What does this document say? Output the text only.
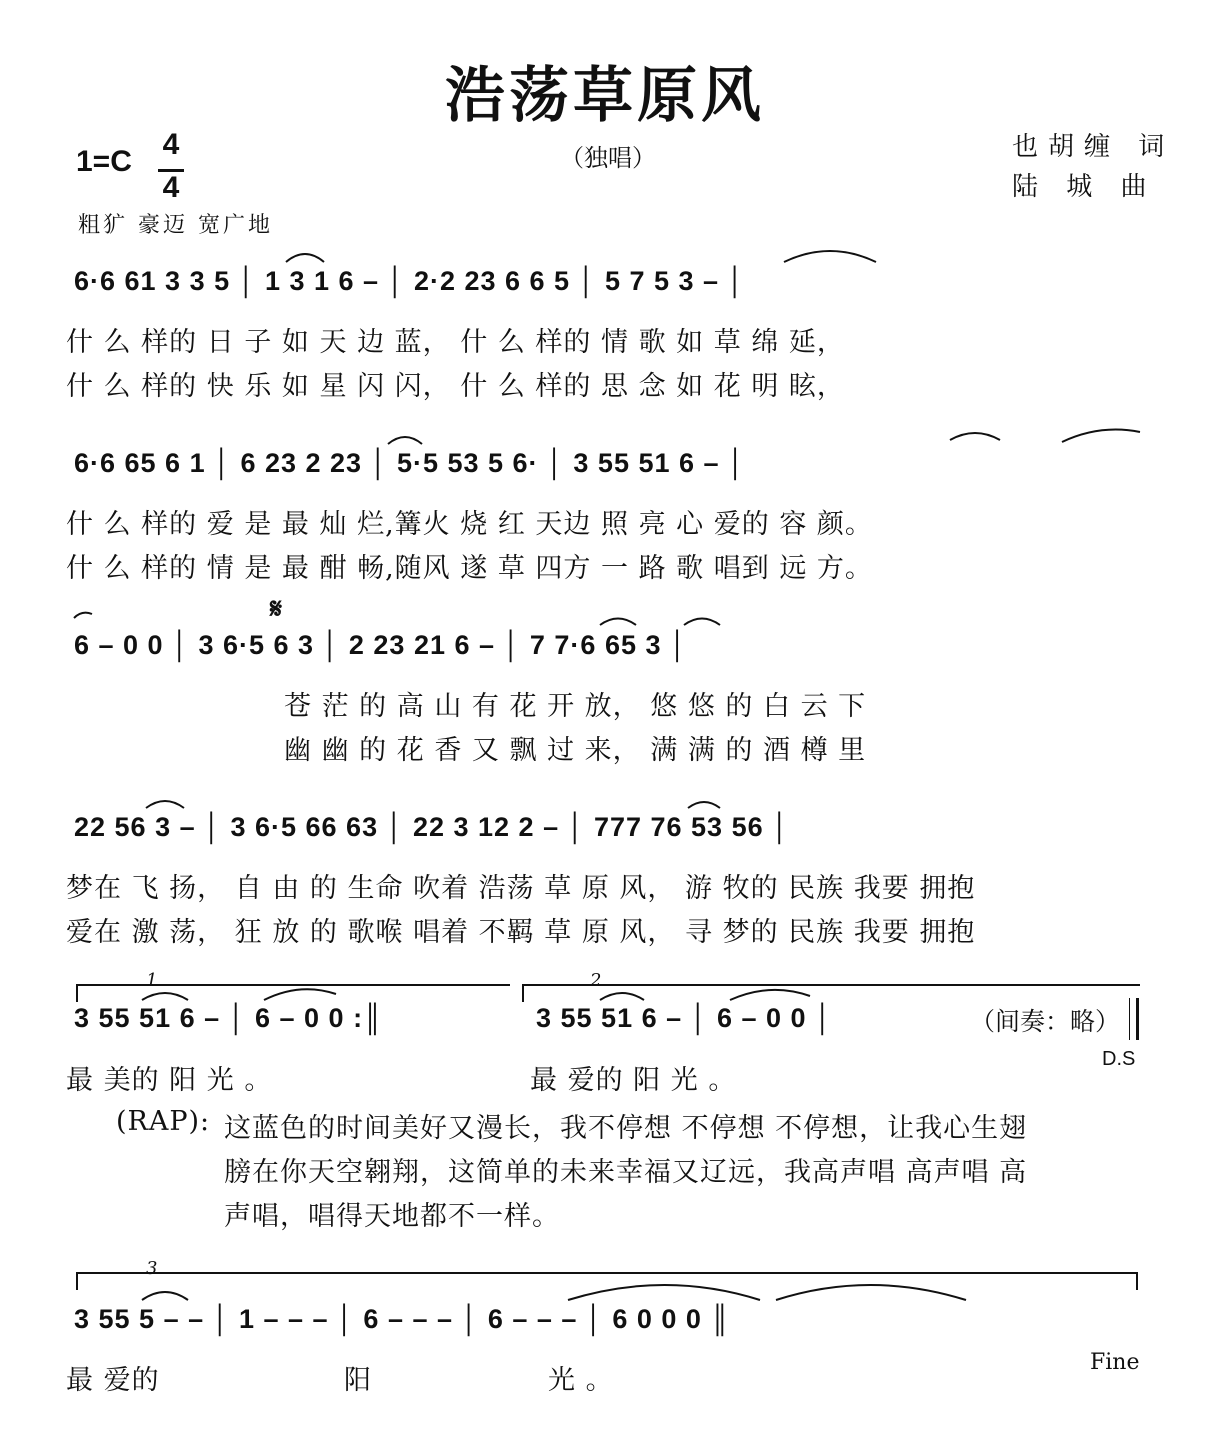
浩荡草原风
（独唱）	也胡缠 词
陆 城 曲
1=C
4
4
粗犷 豪迈 宽广地
6·6 61 3 3 5 │ 1 3 1 6 – │ 2·2 23 6 6 5 │ 5 7 5 3 – │
什 么 样的 日 子 如 天 边 蓝， 什 么 样的 情 歌 如 草 绵 延，
什 么 样的 快 乐 如 星 闪 闪， 什 么 样的 思 念 如 花 明 眩，
6·6 65 6 1 │ 6 23 2 23 │ 5·5 53 5 6· │ 3 55 51 6 – │
什 么 样的 爱 是 最 灿 烂,篝火 烧 红 天边 照 亮 心 爱的 容 颜。
什 么 样的 情 是 最 酣 畅,随风 遂 草 四方 一 路 歌 唱到 远 方。
𝄋
6 – 0 0 │ 3 6·5 6 3 │ 2 23 21 6 – │ 7 7·6 65 3 │
苍 茫 的 高 山 有 花 开 放， 悠 悠 的 白 云 下
幽 幽 的 花 香 又 飘 过 来， 满 满 的 酒 樽 里
22 56 3 – │ 3 6·5 66 63 │ 22 3 12 2 – │ 777 76 53 56 │
梦在 飞 扬， 自 由 的 生命 吹着 浩荡 草 原 风， 游 牧的 民族 我要 拥抱
爱在 激 荡， 狂 放 的 歌喉 唱着 不羁 草 原 风， 寻 梦的 民族 我要 拥抱
1	2
3 55 51 6 – │ 6 – 0 0 :║	3 55 51 6 – │ 6 – 0 0 │	（间奏：略）
D.S
最 美的 阳 光 。	最 爱的 阳 光 。
(RAP): 这蓝色的时间美好又漫长，我不停想 不停想 不停想，让我心生翅
膀在你天空翱翔，这简单的未来幸福又辽远，我高声唱 高声唱 高
声唱，唱得天地都不一样。
3
3 55 5 – – │ 1 – – – │ 6 – – – │ 6 – – – │ 6 0 0 0 ║
最 爱的	阳	光 。
Fine
